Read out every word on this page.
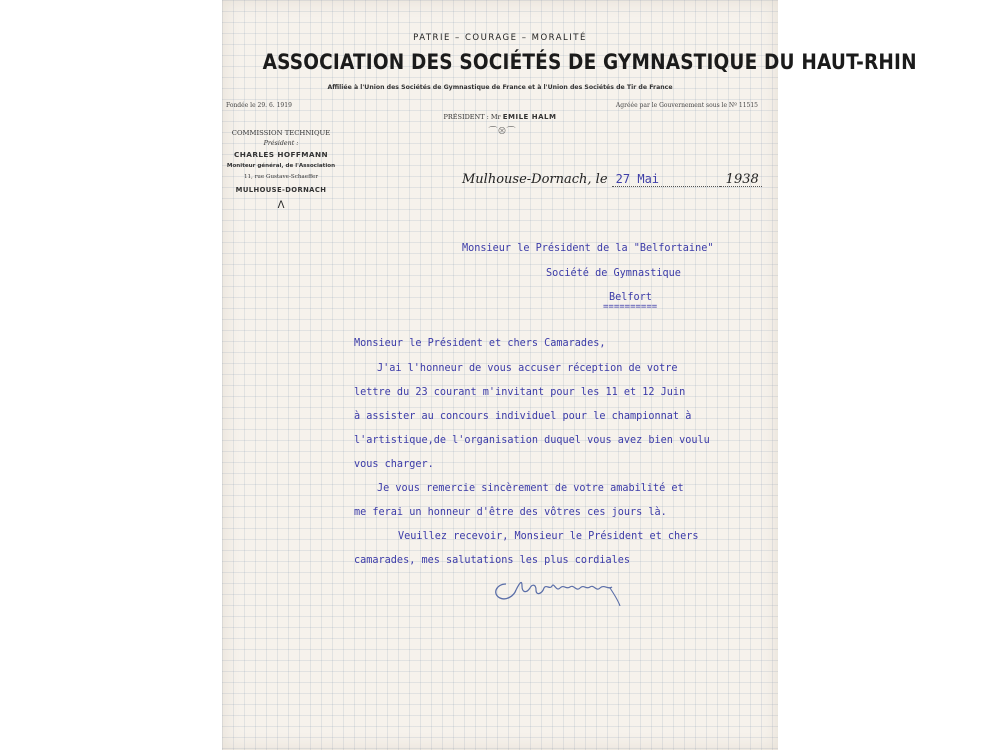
PATRIE – COURAGE – MORALITÉ
ASSOCIATION DES SOCIÉTÉS DE GYMNASTIQUE DU HAUT-RHIN
Affiliée à l'Union des Sociétés de Gymnastique de France et à l'Union des Sociétés de Tir de France
Fondée le 29. 6. 1919	Agréée par le Gouvernement sous le Nº 11515
PRÉSIDENT : Mr EMILE HALM
⌒⊗⌒
COMMISSION TECHNIQUE
Président :
CHARLES HOFFMANN
Moniteur général, de l'Association
11, rue Gustave-Schaeffer
MULHOUSE-DORNACH
ᐱ
Mulhouse-Dornach, le 27 Mai	1938
Monsieur le Président de la "Belfortaine"
Société de Gymnastique
Belfort
==========
Monsieur le Président et chers Camarades,
J'ai l'honneur de vous accuser réception de votre
lettre du 23 courant m'invitant pour les 11 et 12 Juin
à assister au concours individuel pour le championnat à
l'artistique,de l'organisation duquel vous avez bien voulu
vous charger.
Je vous remercie sincèrement de votre amabilité et
me ferai un honneur d'être des vôtres ces jours là.
Veuillez recevoir, Monsieur le Président et chers
camarades, mes salutations les plus cordiales
